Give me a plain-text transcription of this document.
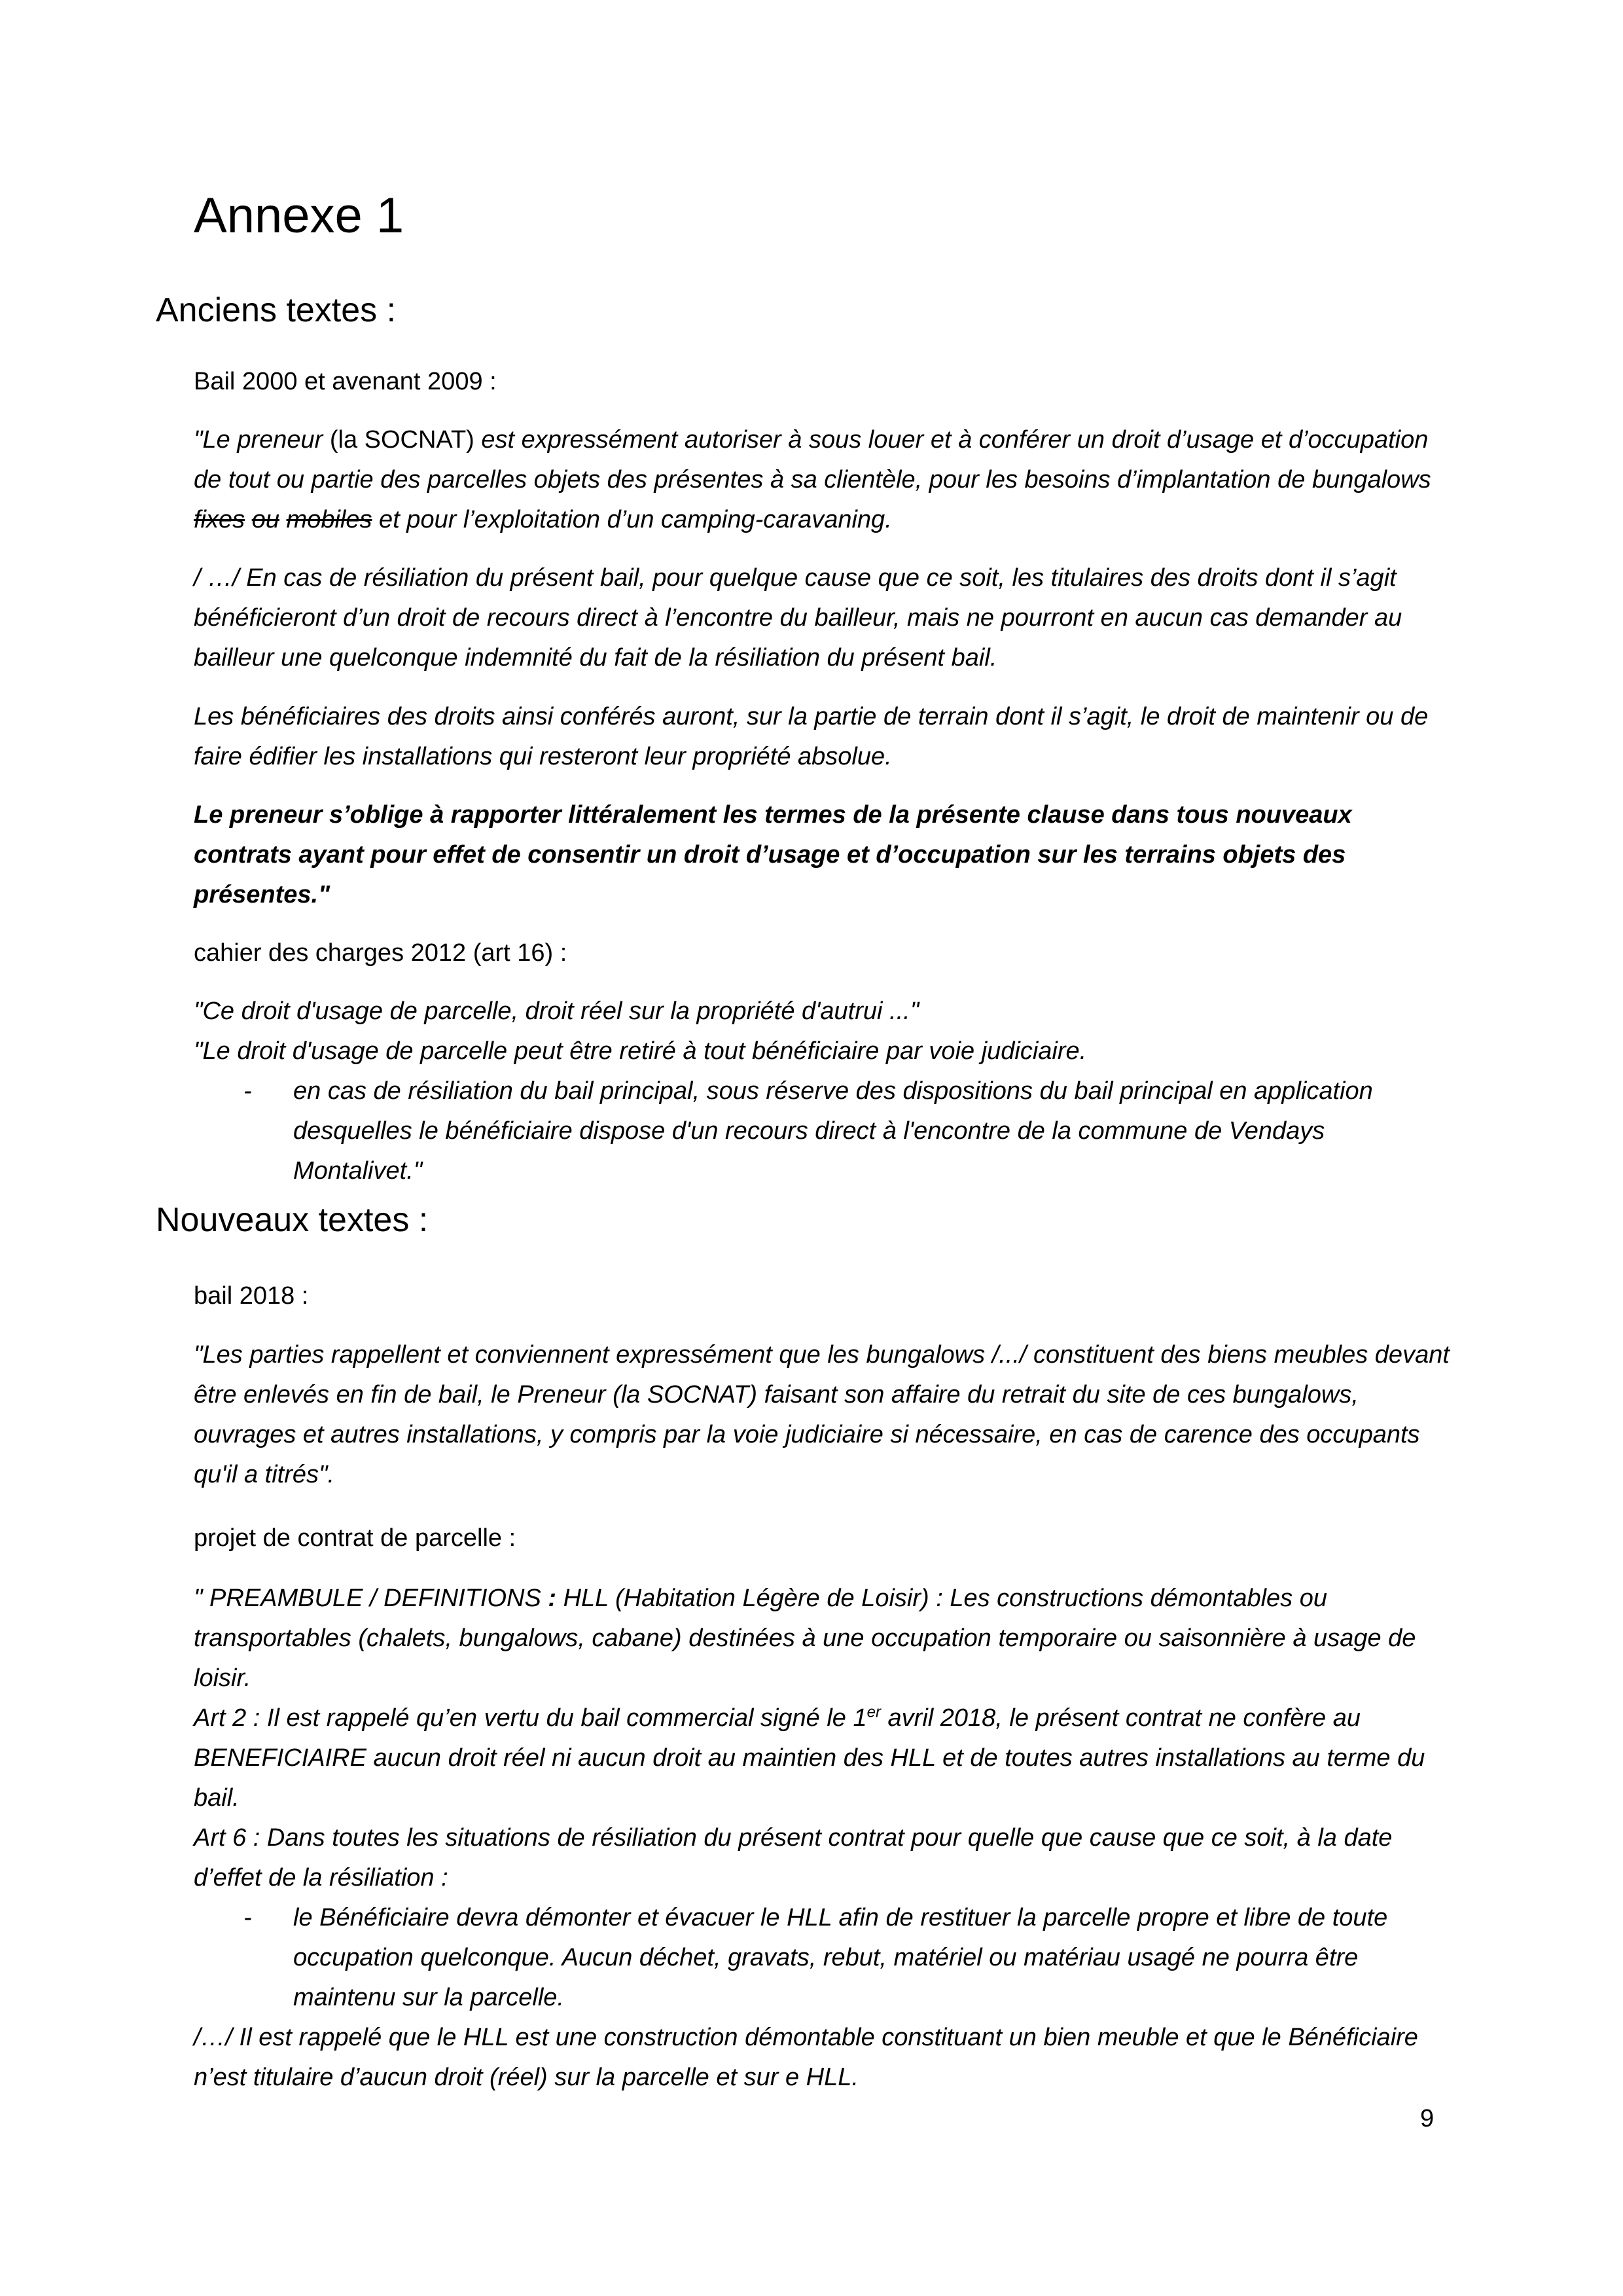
Annexe 1
Anciens textes :

Bail 2000 et avenant 2009 :

"Le preneur (la SOCNAT) est expressément autoriser à sous louer et à conférer un droit d’usage et d’occupation de tout ou partie des parcelles objets des présentes à sa clientèle, pour les besoins d’implantation de bungalows fixes ou mobiles et pour l’exploitation d’un camping-caravaning.

/ …/ En cas de résiliation du présent bail, pour quelque cause que ce soit, les titulaires des droits dont il s’agit bénéficieront d’un droit de recours direct à l’encontre du bailleur, mais ne pourront en aucun cas demander au bailleur une quelconque indemnité du fait de la résiliation du présent bail.

Les bénéficiaires des droits ainsi conférés auront, sur la partie de terrain dont il s’agit, le droit de maintenir ou de faire édifier les installations qui resteront leur propriété absolue.

Le preneur s’oblige à rapporter littéralement les termes de la présente clause dans tous nouveaux contrats ayant pour effet de consentir un droit d’usage et d’occupation sur les terrains objets des présentes."

cahier des charges 2012 (art 16) :

"Ce droit d'usage de parcelle, droit réel sur la propriété d'autrui ..."

"Le droit d'usage de parcelle peut être retiré à tout bénéficiaire par voie judiciaire.

- en cas de résiliation du bail principal, sous réserve des dispositions du bail principal en application desquelles le bénéficiaire dispose d'un recours direct à l'encontre de la commune de Vendays Montalivet."
Nouveaux textes :

bail 2018 :

"Les parties rappellent et conviennent expressément que les bungalows /.../ constituent des biens meubles devant être enlevés en fin de bail, le Preneur (la SOCNAT) faisant son affaire du retrait du site de ces bungalows, ouvrages et autres installations, y compris par la voie judiciaire si nécessaire, en cas de carence des occupants qu'il a titrés".

projet de contrat de parcelle :

" PREAMBULE / DEFINITIONS : HLL (Habitation Légère de Loisir) : Les constructions démontables ou transportables (chalets, bungalows, cabane) destinées à une occupation temporaire ou saisonnière à usage de loisir.

Art 2 : Il est rappelé qu’en vertu du bail commercial signé le 1er avril 2018, le présent contrat ne confère au BENEFICIAIRE aucun droit réel ni aucun droit au maintien des HLL et de toutes autres installations au terme du bail.

Art 6 : Dans toutes les situations de résiliation du présent contrat pour quelle que cause que ce soit, à la date d’effet de la résiliation :

- le Bénéficiaire devra démonter et évacuer le HLL afin de restituer la parcelle propre et libre de toute occupation quelconque. Aucun déchet, gravats, rebut, matériel ou matériau usagé ne pourra être maintenu sur la parcelle.

/…/ Il est rappelé que le HLL est une construction démontable constituant un bien meuble et que le Bénéficiaire n’est titulaire d’aucun droit (réel) sur la parcelle et sur e HLL.

9
